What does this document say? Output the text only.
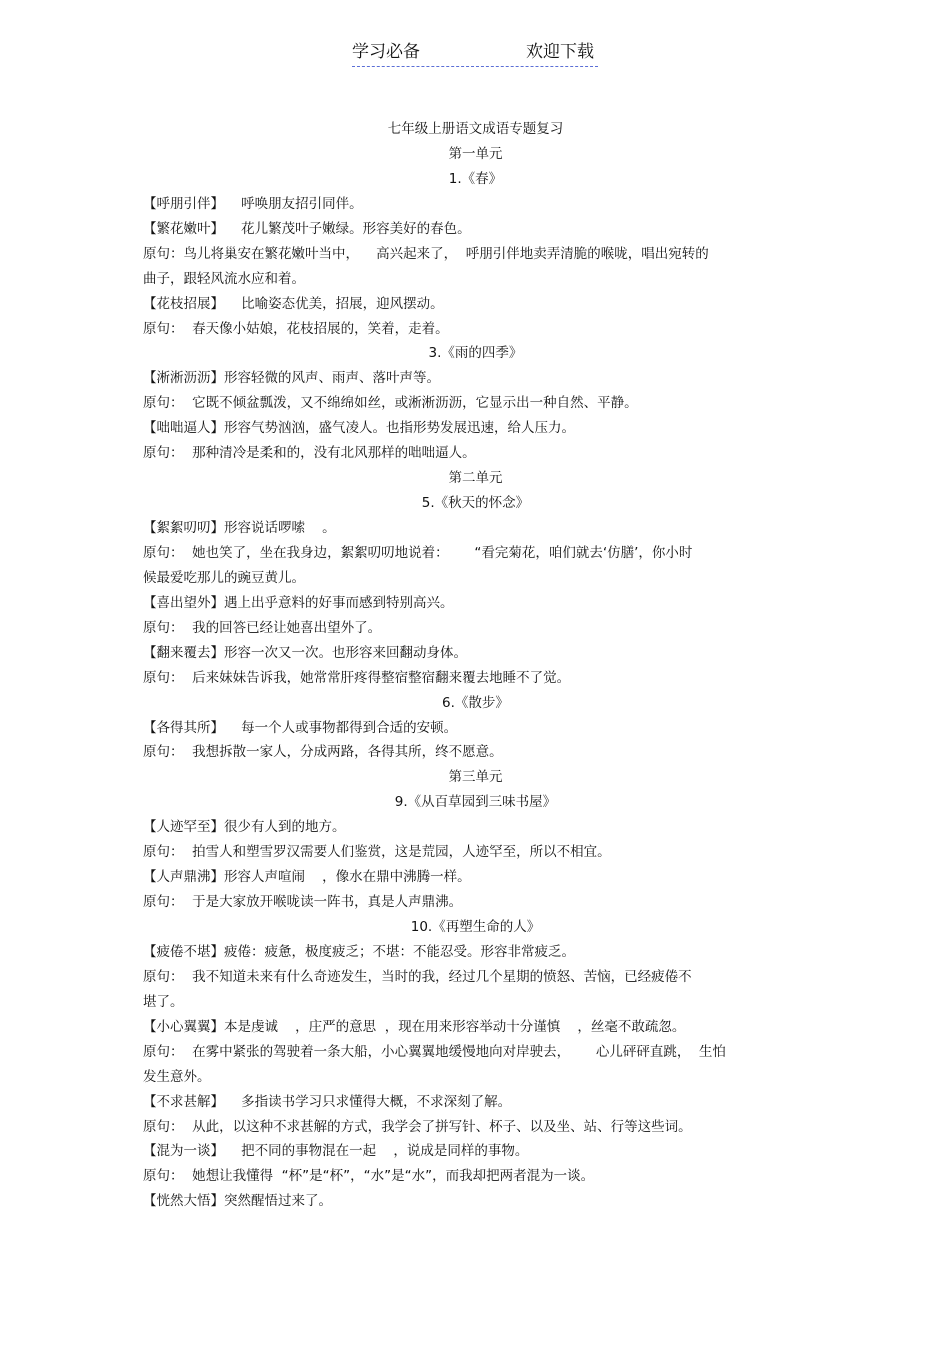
学习必备	欢迎下载
七年级上册语文成语专题复习
第一单元
1.《春》
【呼朋引伴】    呼唤朋友招引同伴。
【繁花嫩叶】    花儿繁茂叶子嫩绿。形容美好的春色。
原句：鸟儿将巢安在繁花嫩叶当中，    高兴起来了，  呼朋引伴地卖弄清脆的喉咙，唱出宛转的
曲子，跟轻风流水应和着。
【花枝招展】    比喻姿态优美，招展，迎风摆动。
原句：  春天像小姑娘，花枝招展的，笑着，走着。
3.《雨的四季》
【淅淅沥沥】形容轻微的风声、雨声、落叶声等。
原句：  它既不倾盆瓢泼，又不绵绵如丝，或淅淅沥沥，它显示出一种自然、平静。
【咄咄逼人】形容气势汹汹，盛气凌人。也指形势发展迅速，给人压力。
原句：  那种清冷是柔和的，没有北风那样的咄咄逼人。
第二单元
5.《秋天的怀念》
【絮絮叨叨】形容说话啰嗦    。
原句：  她也笑了，坐在我身边，絮絮叨叨地说着：      “看完菊花，咱们就去‘仿膳’，你小时
候最爱吃那儿的豌豆黄儿。
【喜出望外】遇上出乎意料的好事而感到特别高兴。
原句：  我的回答已经让她喜出望外了。
【翻来覆去】形容一次又一次。也形容来回翻动身体。
原句：  后来妹妹告诉我，她常常肝疼得整宿整宿翻来覆去地睡不了觉。
6.《散步》
【各得其所】    每一个人或事物都得到合适的安顿。
原句：  我想拆散一家人，分成两路，各得其所，终不愿意。
第三单元
9.《从百草园到三味书屋》
【人迹罕至】很少有人到的地方。
原句：  拍雪人和塑雪罗汉需要人们鉴赏，这是荒园，人迹罕至，所以不相宜。
【人声鼎沸】形容人声喧闹    ，像水在鼎中沸腾一样。
原句：  于是大家放开喉咙读一阵书，真是人声鼎沸。
10.《再塑生命的人》
【疲倦不堪】疲倦：疲惫，极度疲乏；不堪：不能忍受。形容非常疲乏。
原句：  我不知道未来有什么奇迹发生，当时的我，经过几个星期的愤怒、苦恼，已经疲倦不
堪了。
【小心翼翼】本是虔诚    ，庄严的意思  ，现在用来形容举动十分谨慎    ，丝毫不敢疏忽。
原句：  在雾中紧张的驾驶着一条大船，小心翼翼地缓慢地向对岸驶去，      心儿砰砰直跳，  生怕
发生意外。
【不求甚解】    多指读书学习只求懂得大概，不求深刻了解。
原句：  从此，以这种不求甚解的方式，我学会了拼写针、杯子、以及坐、站、行等这些词。
【混为一谈】    把不同的事物混在一起    ，说成是同样的事物。
原句：  她想让我懂得  “杯”是“杯”，“水”是“水”，而我却把两者混为一谈。
【恍然大悟】突然醒悟过来了。
